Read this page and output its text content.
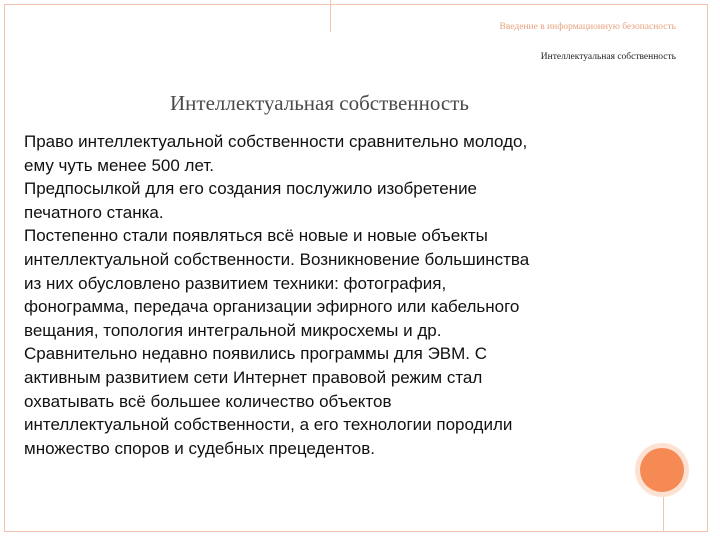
Введение в информационную безопасность
Интеллектуальная собственность
Интеллектуальная собственность
Право интеллектуальной собственности сравнительно молодо,
ему чуть менее 500 лет.
Предпосылкой для его создания послужило изобретение
печатного станка.
Постепенно стали появляться всё новые и новые объекты
интеллектуальной собственности. Возникновение большинства
из них обусловлено развитием техники: фотография,
фонограмма, передача организации эфирного или кабельного
вещания, топология интегральной микросхемы и др.
Сравнительно недавно появились программы для ЭВМ. С
активным развитием сети Интернет правовой режим стал
охватывать всё большее количество объектов
интеллектуальной собственности, а его технологии породили
множество споров и судебных прецедентов.
